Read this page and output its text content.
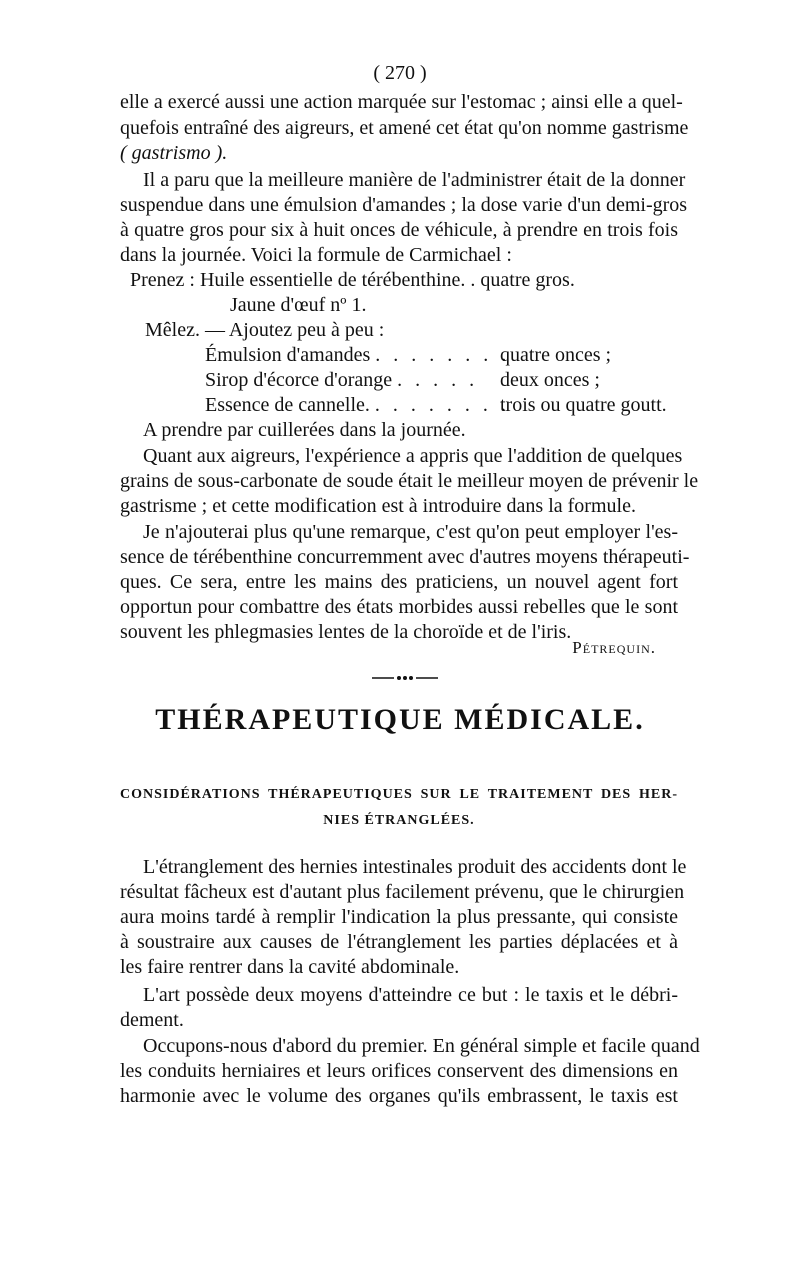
( 270 )
elle a exercé aussi une action marquée sur l'estomac ; ainsi elle a quel-
quefois entraîné des aigreurs, et amené cet état qu'on nomme gastrisme
( gastrismo ).
Il a paru que la meilleure manière de l'administrer était de la donner
suspendue dans une émulsion d'amandes ; la dose varie d'un demi-gros
à quatre gros pour six à huit onces de véhicule, à prendre en trois fois
dans la journée. Voici la formule de Carmichael :
Prenez : Huile essentielle de térébenthine. . quatre gros.
Jaune d'œuf nº 1.
Mêlez. — Ajoutez peu à peu :
Émulsion d'amandes . . . . . . . .
quatre onces ;
Sirop d'écorce d'orange . . . . . deux onces ;
Essence de cannelle. . . . . . . . .
trois ou quatre goutt.
A prendre par cuillerées dans la journée.
Quant aux aigreurs, l'expérience a appris que l'addition de quelques
grains de sous-carbonate de soude était le meilleur moyen de prévenir le
gastrisme ; et cette modification est à introduire dans la formule.
Je n'ajouterai plus qu'une remarque, c'est qu'on peut employer l'es-
sence de térébenthine concurremment avec d'autres moyens thérapeuti-
ques. Ce sera, entre les mains des praticiens, un nouvel agent fort
opportun pour combattre des états morbides aussi rebelles que le sont
souvent les phlegmasies lentes de la choroïde et de l'iris.
Pétrequin.
THÉRAPEUTIQUE MÉDICALE.
CONSIDÉRATIONS THÉRAPEUTIQUES SUR LE TRAITEMENT DES HER-
NIES ÉTRANGLÉES.
L'étranglement des hernies intestinales produit des accidents dont le
résultat fâcheux est d'autant plus facilement prévenu, que le chirurgien
aura moins tardé à remplir l'indication la plus pressante, qui consiste
à soustraire aux causes de l'étranglement les parties déplacées et à
les faire rentrer dans la cavité abdominale.
L'art possède deux moyens d'atteindre ce but : le taxis et le débri-
dement.
Occupons-nous d'abord du premier. En général simple et facile quand
les conduits herniaires et leurs orifices conservent des dimensions en
harmonie avec le volume des organes qu'ils embrassent, le taxis est
